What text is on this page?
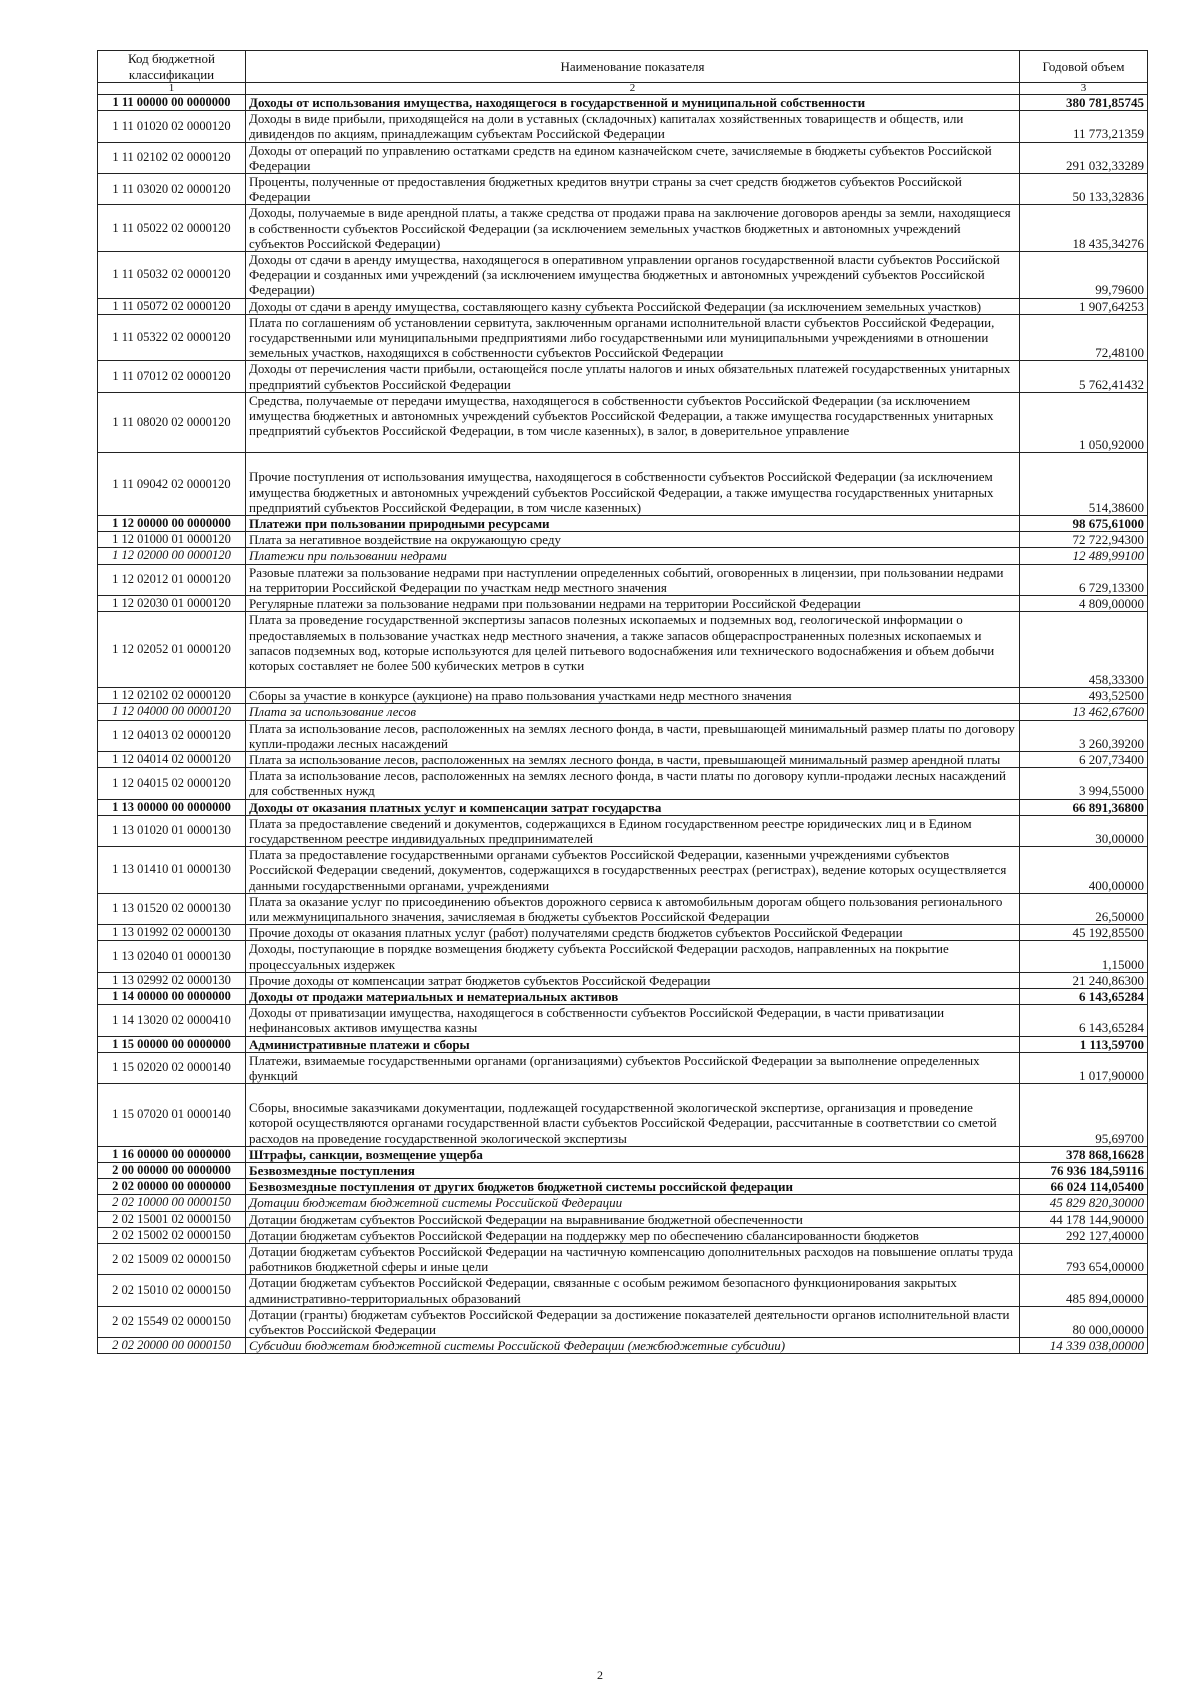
Код бюджетной классификации	Наименование показателя	Годовой объем
1	2	3
1 11 00000 00 0000000	Доходы от использования имущества, находящегося в государственной и муниципальной собственности	380 781,85745
1 11 01020 02 0000120	Доходы в виде прибыли, приходящейся на доли в уставных (складочных) капиталах хозяйственных товариществ и обществ, или дивидендов по акциям, принадлежащим субъектам Российской Федерации	11 773,21359
1 11 02102 02 0000120	Доходы от операций по управлению остатками средств на едином казначейском счете, зачисляемые в бюджеты субъектов Российской Федерации	291 032,33289
1 11 03020 02 0000120	Проценты, полученные от предоставления бюджетных кредитов внутри страны за счет средств бюджетов субъектов Российской Федерации	50 133,32836
1 11 05022 02 0000120	Доходы, получаемые в виде арендной платы, а также средства от продажи права на заключение договоров аренды за земли, находящиеся в собственности субъектов Российской Федерации (за исключением земельных участков бюджетных и автономных учреждений субъектов Российской Федерации)	18 435,34276
1 11 05032 02 0000120	Доходы от сдачи в аренду имущества, находящегося в оперативном управлении органов государственной власти субъектов Российской Федерации и созданных ими учреждений (за исключением имущества бюджетных и автономных учреждений субъектов Российской Федерации)	99,79600
1 11 05072 02 0000120	Доходы от сдачи в аренду имущества, составляющего казну субъекта Российской Федерации (за исключением земельных участков)	1 907,64253
1 11 05322 02 0000120	Плата по соглашениям об установлении сервитута, заключенным органами исполнительной власти субъектов Российской Федерации, государственными или муниципальными предприятиями либо государственными или муниципальными учреждениями в отношении земельных участков, находящихся в собственности субъектов Российской Федерации	72,48100
1 11 07012 02 0000120	Доходы от перечисления части прибыли, остающейся после уплаты налогов и иных обязательных платежей государственных унитарных предприятий субъектов Российской Федерации	5 762,41432
1 11 08020 02 0000120	Средства, получаемые от передачи имущества, находящегося в собственности субъектов Российской Федерации (за исключением имущества бюджетных и автономных учреждений субъектов Российской Федерации, а также имущества государственных унитарных предприятий субъектов Российской Федерации, в том числе казенных), в залог, в доверительное управление	1 050,92000
1 11 09042 02 0000120	Прочие поступления от использования имущества, находящегося в собственности субъектов Российской Федерации (за исключением имущества бюджетных и автономных учреждений субъектов Российской Федерации, а также имущества государственных унитарных предприятий субъектов Российской Федерации, в том числе казенных)	514,38600
1 12 00000 00 0000000	Платежи при пользовании природными ресурсами	98 675,61000
1 12 01000 01 0000120	Плата за негативное воздействие на окружающую среду	72 722,94300
1 12 02000 00 0000120	Платежи при пользовании недрами	12 489,99100
1 12 02012 01 0000120	Разовые платежи за пользование недрами при наступлении определенных событий, оговоренных в лицензии, при пользовании недрами на территории Российской Федерации по участкам недр местного значения	6 729,13300
1 12 02030 01 0000120	Регулярные платежи за пользование недрами при пользовании недрами на территории Российской Федерации	4 809,00000
1 12 02052 01 0000120	Плата за проведение государственной экспертизы запасов полезных ископаемых и подземных вод, геологической информации о предоставляемых в пользование участках недр местного значения, а также запасов общераспространенных полезных ископаемых и запасов подземных вод, которые используются для целей питьевого водоснабжения или технического водоснабжения и объем добычи которых составляет не более 500 кубических метров в сутки	458,33300
1 12 02102 02 0000120	Сборы за участие в конкурсе (аукционе) на право пользования участками недр местного значения	493,52500
1 12 04000 00 0000120	Плата за использование лесов	13 462,67600
1 12 04013 02 0000120	Плата за использование лесов, расположенных на землях лесного фонда, в части, превышающей минимальный размер платы по договору купли-продажи лесных насаждений	3 260,39200
1 12 04014 02 0000120	Плата за использование лесов, расположенных на землях лесного фонда, в части, превышающей минимальный размер арендной платы	6 207,73400
1 12 04015 02 0000120	Плата за использование лесов, расположенных на землях лесного фонда, в части платы по договору купли-продажи лесных насаждений для собственных нужд	3 994,55000
1 13 00000 00 0000000	Доходы от оказания платных услуг и компенсации затрат государства	66 891,36800
1 13 01020 01 0000130	Плата за предоставление сведений и документов, содержащихся в Едином государственном реестре юридических лиц и в Едином государственном реестре индивидуальных предпринимателей	30,00000
1 13 01410 01 0000130	Плата за предоставление государственными органами субъектов Российской Федерации, казенными учреждениями субъектов Российской Федерации сведений, документов, содержащихся в государственных реестрах (регистрах), ведение которых осуществляется данными государственными органами, учреждениями	400,00000
1 13 01520 02 0000130	Плата за оказание услуг по присоединению объектов дорожного сервиса к автомобильным дорогам общего пользования регионального или межмуниципального значения, зачисляемая в бюджеты субъектов Российской Федерации	26,50000
1 13 01992 02 0000130	Прочие доходы от оказания платных услуг (работ) получателями средств бюджетов субъектов Российской Федерации	45 192,85500
1 13 02040 01 0000130	Доходы, поступающие в порядке возмещения бюджету субъекта Российской Федерации расходов, направленных на покрытие процессуальных издержек	1,15000
1 13 02992 02 0000130	Прочие доходы от компенсации затрат бюджетов субъектов Российской Федерации	21 240,86300
1 14 00000 00 0000000	Доходы от продажи материальных и нематериальных активов	6 143,65284
1 14 13020 02 0000410	Доходы от приватизации имущества, находящегося в собственности субъектов Российской Федерации, в части приватизации нефинансовых активов имущества казны	6 143,65284
1 15 00000 00 0000000	Административные платежи и сборы	1 113,59700
1 15 02020 02 0000140	Платежи, взимаемые государственными органами (организациями) субъектов Российской Федерации за выполнение определенных функций	1 017,90000
1 15 07020 01 0000140	Сборы, вносимые заказчиками документации, подлежащей государственной экологической экспертизе, организация и проведение которой осуществляются органами государственной власти субъектов Российской Федерации, рассчитанные в соответствии со сметой расходов на проведение государственной экологической экспертизы	95,69700
1 16 00000 00 0000000	Штрафы, санкции, возмещение ущерба	378 868,16628
2 00 00000 00 0000000	Безвозмездные поступления	76 936 184,59116
2 02 00000 00 0000000	Безвозмездные поступления от других бюджетов бюджетной системы российской федерации	66 024 114,05400
2 02 10000 00 0000150	Дотации бюджетам бюджетной системы Российской Федерации	45 829 820,30000
2 02 15001 02 0000150	Дотации бюджетам субъектов Российской Федерации на выравнивание бюджетной обеспеченности	44 178 144,90000
2 02 15002 02 0000150	Дотации бюджетам субъектов Российской Федерации на поддержку мер по обеспечению сбалансированности бюджетов	292 127,40000
2 02 15009 02 0000150	Дотации бюджетам субъектов Российской Федерации на частичную компенсацию дополнительных расходов на повышение оплаты труда работников бюджетной сферы и иные цели	793 654,00000
2 02 15010 02 0000150	Дотации бюджетам субъектов Российской Федерации, связанные с особым режимом безопасного функционирования закрытых административно-территориальных образований	485 894,00000
2 02 15549 02 0000150	Дотации (гранты) бюджетам субъектов Российской Федерации за достижение показателей деятельности органов исполнительной власти субъектов Российской Федерации	80 000,00000
2 02 20000 00 0000150	Субсидии бюджетам бюджетной системы Российской Федерации (межбюджетные субсидии)	14 339 038,00000
2
